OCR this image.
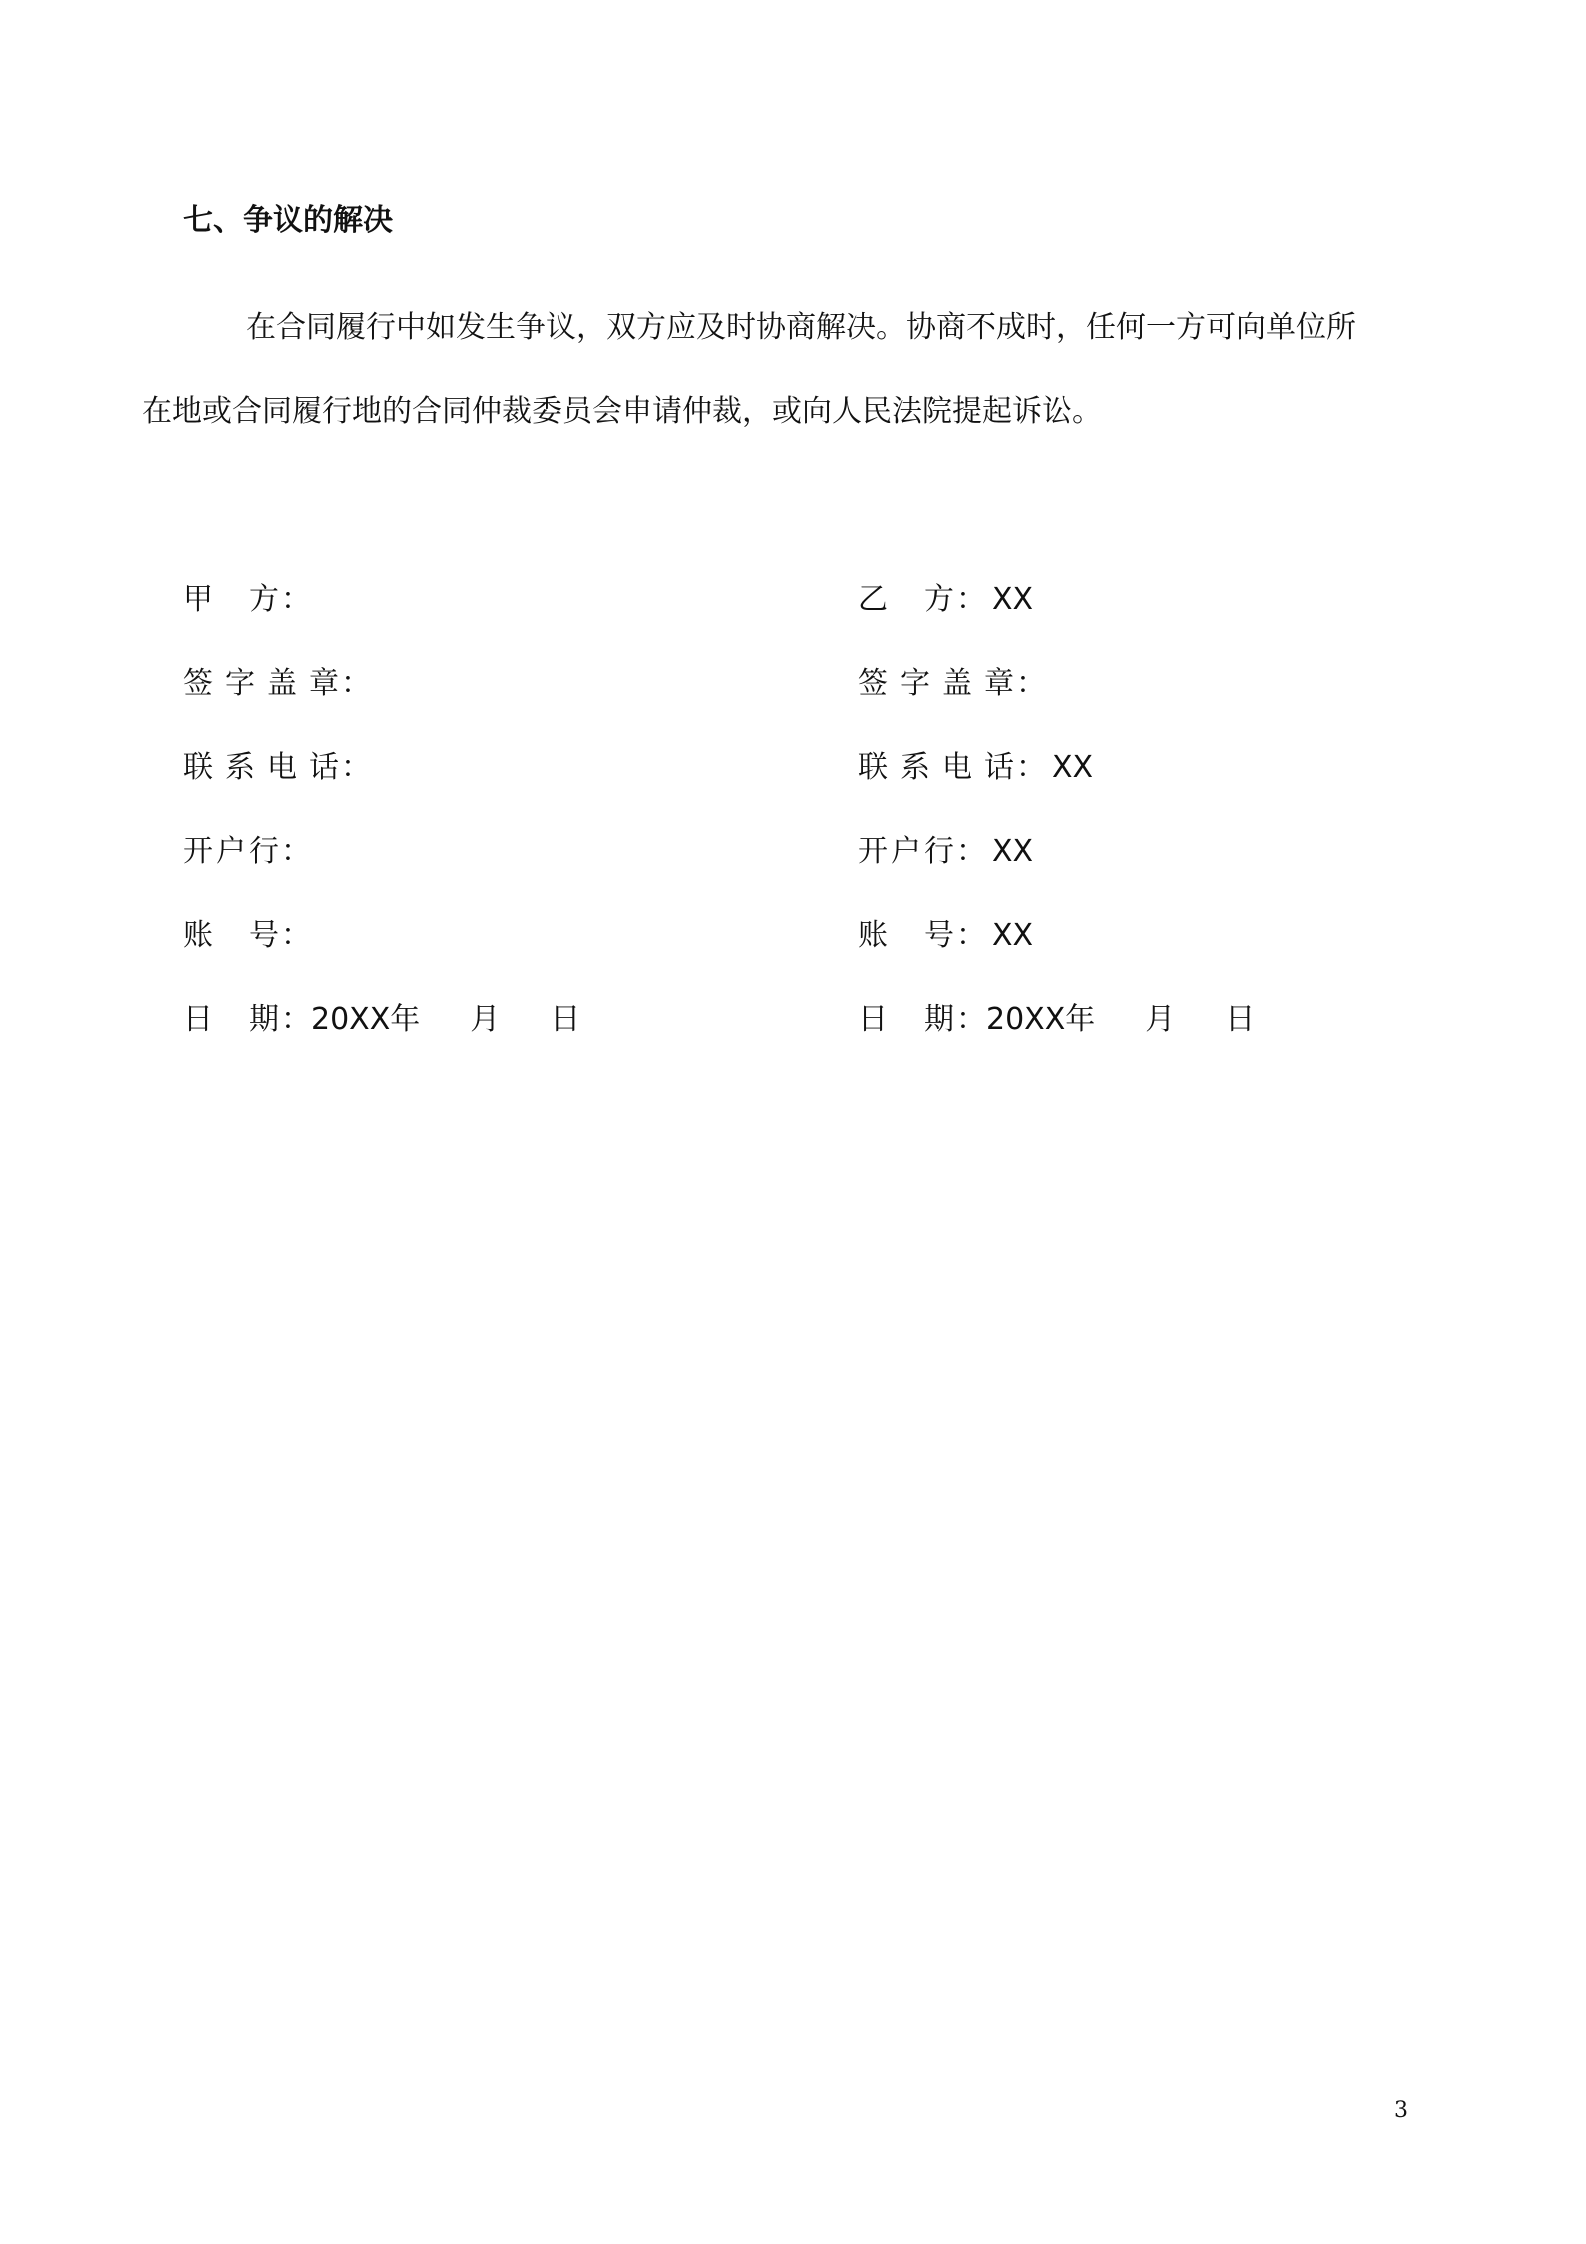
七、争议的解决
在合同履行中如发生争议，双方应及时协商解决。协商不成时，任何一方可向单位所
在地或合同履行地的合同仲裁委员会申请仲裁，或向人民法院提起诉讼。
甲方 ：
签字盖章 ：
联系电话 ：
开户行 ：
账号 ：
日期 ： 20XX年 月 日
乙方 ： XX
签字盖章 ：
联系电话 ： XX
开户行 ： XX
账号 ： XX
日期 ： 20XX年 月 日
3
